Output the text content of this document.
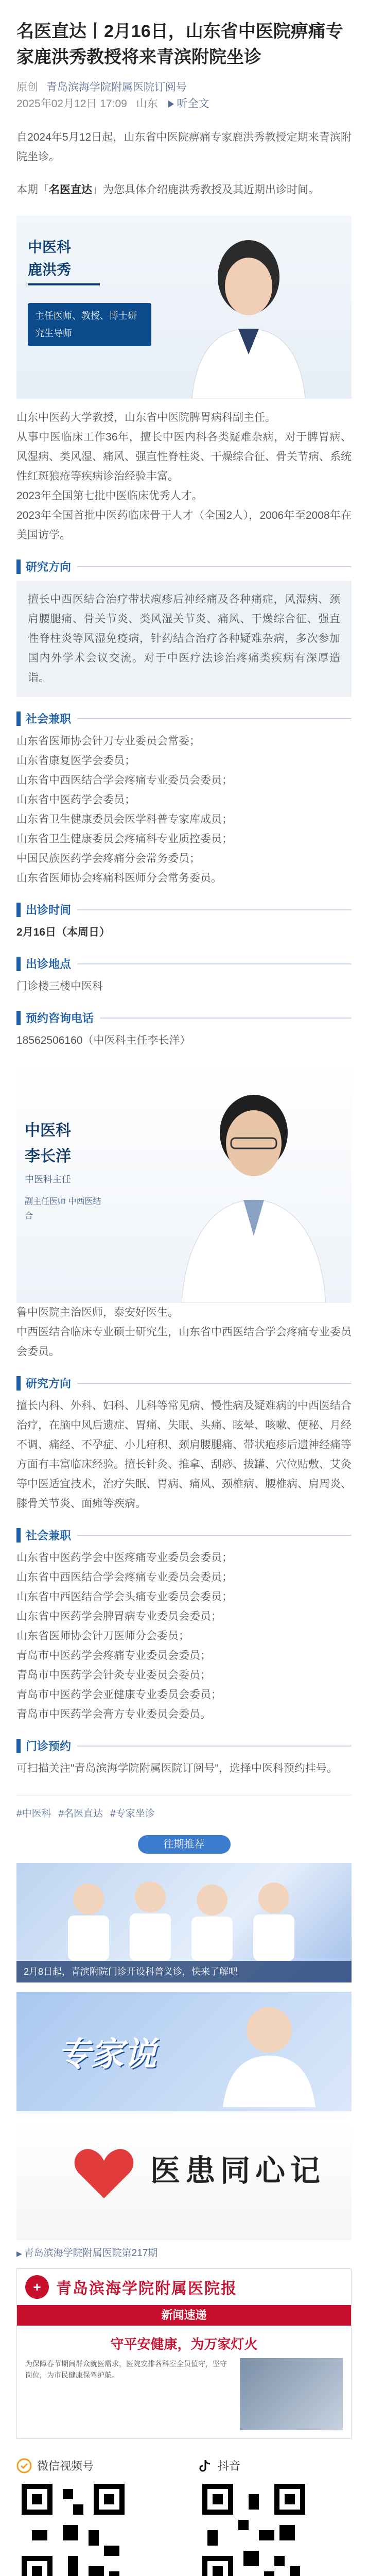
名医直达丨2月16日，山东省中医院痹痛专家鹿洪秀教授将来青滨附院坐诊
原创 青岛滨海学院附属医院订阅号
2025年02月12日 17:09 山东 听全文

自2024年5月12日起，山东省中医院痹痛专家鹿洪秀教授定期来青滨附院坐诊。

本期「名医直达」为您具体介绍鹿洪秀教授及其近期出诊时间。

中医科
鹿洪秀
主任医师、教授、博士研究生导师

山东中医药大学教授，山东省中医院脾胃病科副主任。

从事中医临床工作36年，擅长中医内科各类疑难杂病，对于脾胃病、风湿病、类风湿、痛风、强直性脊柱炎、干燥综合征、骨关节病、系统性红斑狼疮等疾病诊治经验丰富。

2023年全国第七批中医临床优秀人才。

2023年全国首批中医药临床骨干人才（全国2人），2006年至2008年在美国访学。

研究方向

擅长中西医结合治疗带状疱疹后神经痛及各种痛症，风湿病、颈肩腰腿痛、骨关节炎、类风湿关节炎、痛风、干燥综合征、强直性脊柱炎等风湿免疫病，针药结合治疗各种疑难杂病，多次参加国内外学术会议交流。对于中医疗法诊治疼痛类疾病有深厚造诣。

社会兼职

山东省医师协会针刀专业委员会常委；

山东省康复医学会委员；

山东省中西医结合学会疼痛专业委员会委员；

山东省中医药学会委员；

山东省卫生健康委员会医学科普专家库成员；

山东省卫生健康委员会疼痛科专业质控委员；

中国民族医药学会疼痛分会常务委员；

山东省医师协会疼痛科医师分会常务委员。

出诊时间

2月16日（本周日）

出诊地点

门诊楼三楼中医科

预约咨询电话

18562506160（中医科主任李长洋）

中医科
李长洋
中医科主任
副主任医师 中西医结合

鲁中医院主治医师，泰安好医生。

中西医结合临床专业硕士研究生，山东省中西医结合学会疼痛专业委员会委员。

研究方向

擅长内科、外科、妇科、儿科等常见病、慢性病及疑难病的中西医结合治疗，在脑中风后遗症、胃痛、失眠、头痛、眩晕、咳嗽、便秘、月经不调、痛经、不孕症、小儿疳积、颈肩腰腿痛、带状疱疹后遗神经痛等方面有丰富临床经验。擅长针灸、推拿、刮痧、拔罐、穴位贴敷、艾灸等中医适宜技术，治疗失眠、胃病、痛风、颈椎病、腰椎病、肩周炎、膝骨关节炎、面瘫等疾病。

社会兼职

山东省中医药学会中医疼痛专业委员会委员；

山东省中西医结合学会疼痛专业委员会委员；

山东省中西医结合学会头痛专业委员会委员；

山东省中医药学会脾胃病专业委员会委员；

山东省医师协会针刀医师分会委员；

青岛市中医药学会疼痛专业委员会委员；

青岛市中医药学会针灸专业委员会委员；

青岛市中医药学会亚健康专业委员会委员；

青岛市中医药学会膏方专业委员会委员。

门诊预约

可扫描关注"青岛滨海学院附属医院订阅号"，选择中医科预约挂号。

# 中医科	# 名医直达	# 专家坐诊
往期推荐
2月8日起，青滨附院门诊开设科普义诊，快来了解吧
专家说
医患同心记
▶ 青岛滨海学院附属医院第217期
+ 青岛滨海学院附属医院报
新闻速递
守平安健康，为万家灯火
为保障春节期间群众就医需求，医院安排各科室全员值守，坚守岗位，为市民健康保驾护航。
微信视频号	抖音
